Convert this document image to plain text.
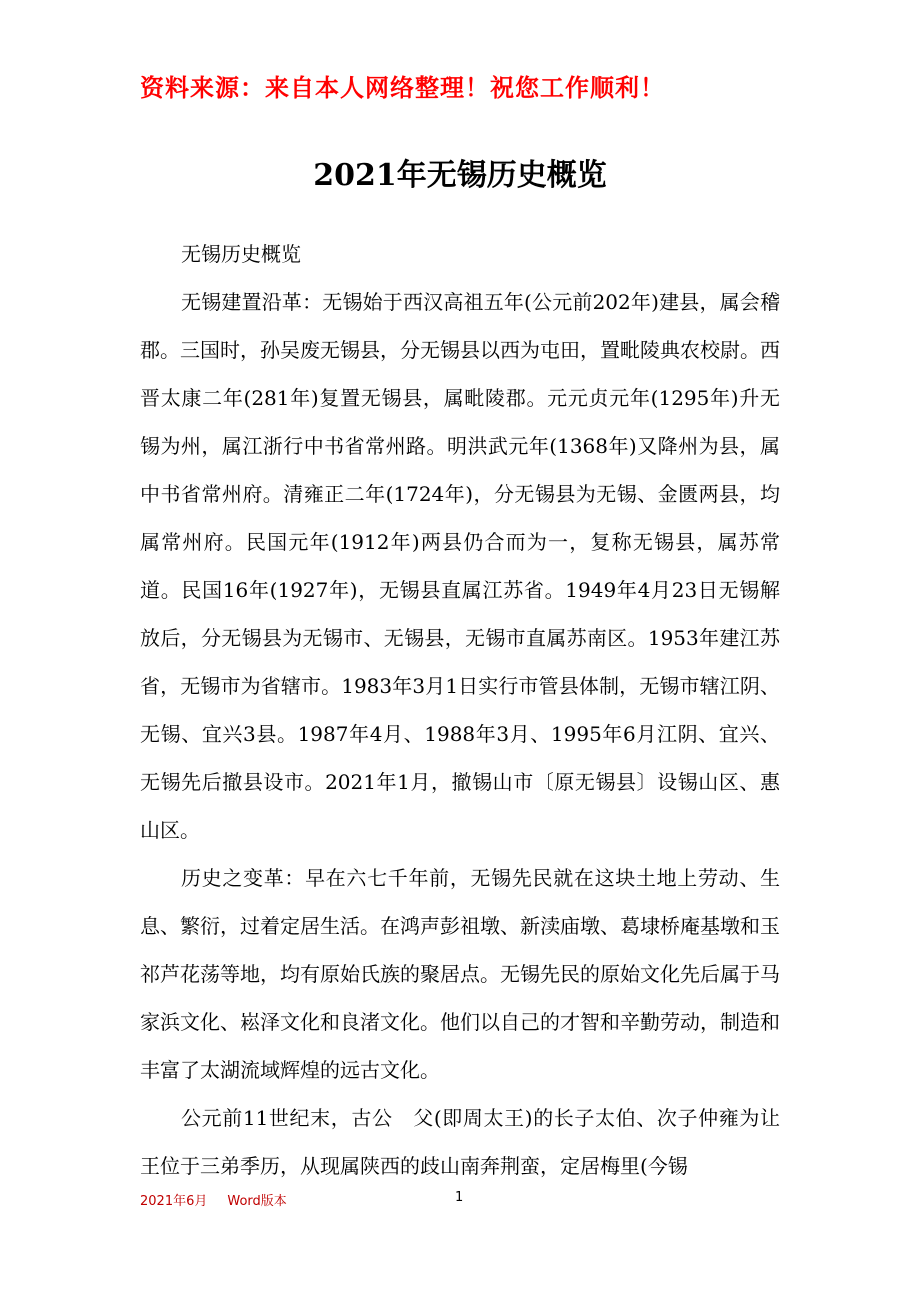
资料来源：来自本人网络整理！祝您工作顺利！
2021年无锡历史概览

无锡历史概览

无锡建置沿革：无锡始于西汉高祖五年(公元前202年)建县，属会稽郡。三国时，孙吴废无锡县，分无锡县以西为屯田，置毗陵典农校尉。西晋太康二年(281年)复置无锡县，属毗陵郡。元元贞元年(1295年)升无锡为州，属江浙行中书省常州路。明洪武元年(1368年)又降州为县，属中书省常州府。清雍正二年(1724年)，分无锡县为无锡、金匮两县，均属常州府。民国元年(1912年)两县仍合而为一，复称无锡县，属苏常道。民国16年(1927年)，无锡县直属江苏省。1949年4月23日无锡解放后，分无锡县为无锡市、无锡县，无锡市直属苏南区。1953年建江苏省，无锡市为省辖市。1983年3月1日实行市管县体制，无锡市辖江阴、无锡、宜兴3县。1987年4月、1988年3月、1995年6月江阴、宜兴、无锡先后撤县设市。2021年1月，撤锡山市〔原无锡县〕设锡山区、惠山区。

历史之变革：早在六七千年前，无锡先民就在这块土地上劳动、生息、繁衍，过着定居生活。在鸿声彭祖墩、新渎庙墩、葛埭桥庵基墩和玉祁芦花荡等地，均有原始氏族的聚居点。无锡先民的原始文化先后属于马家浜文化、崧泽文化和良渚文化。他们以自己的才智和辛勤劳动，制造和丰富了太湖流域辉煌的远古文化。

公元前11世纪末，古公　父(即周太王)的长子太伯、次子仲雍为让王位于三弟季历，从现属陕西的歧山南奔荆蛮，定居梅里(今锡

2021年6月 Word版本	1
